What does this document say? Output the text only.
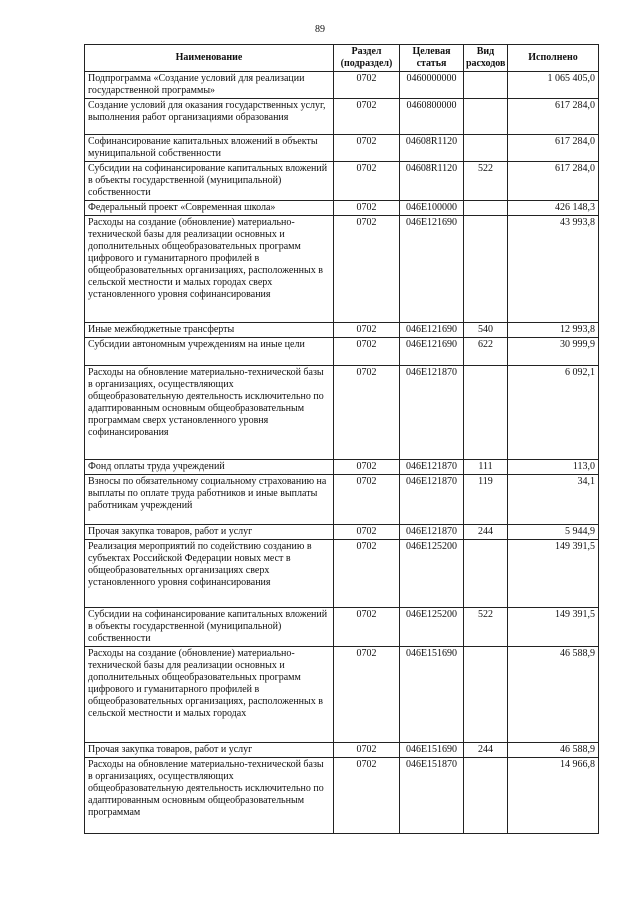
89
Наименование	Раздел (подраздел)	Целевая статья	Вид расходов	Исполнено
Подпрограмма «Создание условий для реализации государственной программы»	0702	0460000000		1 065 405,0
Создание условий для оказания государственных услуг, выполнения работ организациями образования	0702	0460800000		617 284,0
Софинансирование капитальных вложений в объекты муниципальной собственности	0702	04608R1120		617 284,0
Субсидии на софинансирование капитальных вложений в объекты государственной (муниципальной) собственности	0702	04608R1120	522	617 284,0
Федеральный проект «Современная школа»	0702	046E100000		426 148,3
Расходы на создание (обновление) материально-технической базы для реализации основных и дополнительных общеобразовательных программ цифрового и гуманитарного профилей в общеобразовательных организациях, расположенных в сельской местности и малых городах сверх установленного уровня софинансирования	0702	046E121690		43 993,8
Иные межбюджетные трансферты	0702	046E121690	540	12 993,8
Субсидии автономным учреждениям на иные цели	0702	046E121690	622	30 999,9
Расходы на обновление материально-технической базы в организациях, осуществляющих общеобразовательную деятельность исключительно по адаптированным основным общеобразовательным программам сверх установленного уровня софинансирования	0702	046E121870		6 092,1
Фонд оплаты труда учреждений	0702	046E121870	111	113,0
Взносы по обязательному социальному страхованию на выплаты по оплате труда работников и иные выплаты работникам учреждений	0702	046E121870	119	34,1
Прочая закупка товаров, работ и услуг	0702	046E121870	244	5 944,9
Реализация мероприятий по содействию созданию в субъектах Российской Федерации новых мест в общеобразовательных организациях сверх установленного уровня софинансирования	0702	046E125200		149 391,5
Субсидии на софинансирование капитальных вложений в объекты государственной (муниципальной) собственности	0702	046E125200	522	149 391,5
Расходы на создание (обновление) материально-технической базы для реализации основных и дополнительных общеобразовательных программ цифрового и гуманитарного профилей в общеобразовательных организациях, расположенных в сельской местности и малых городах	0702	046E151690		46 588,9
Прочая закупка товаров, работ и услуг	0702	046E151690	244	46 588,9
Расходы на обновление материально-технической базы в организациях, осуществляющих общеобразовательную деятельность исключительно по адаптированным основным общеобразовательным программам	0702	046E151870		14 966,8
